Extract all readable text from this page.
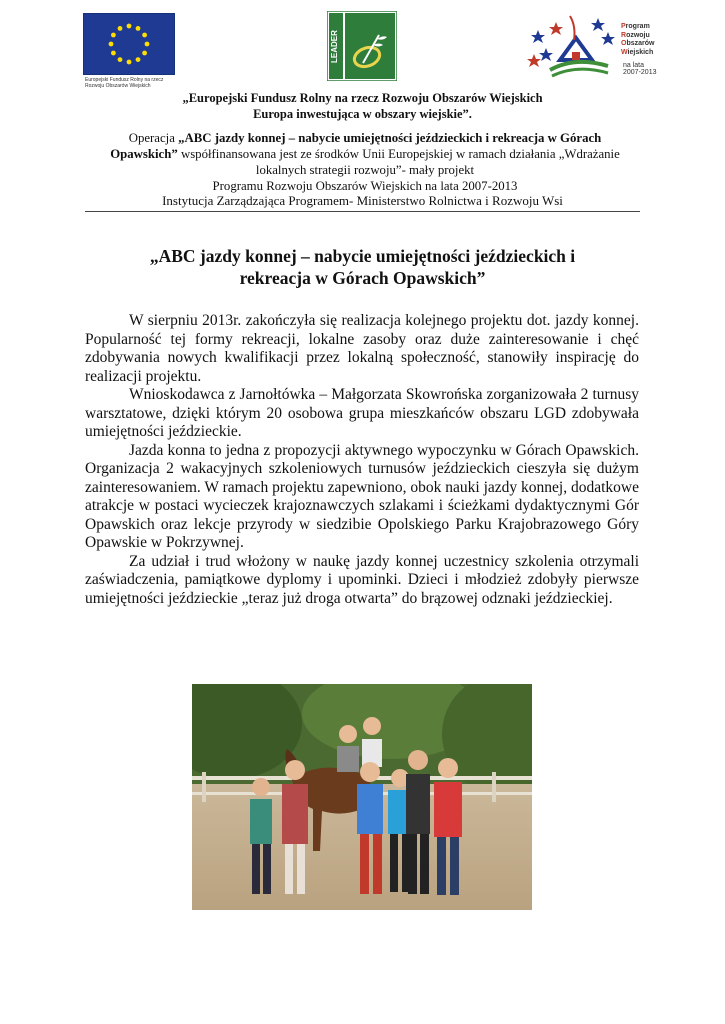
Europejski Fundusz Rolny na rzecz
Rozwoju Obszarów Wiejskich
LEADER
Program
Rozwoju
Obszarów
Wiejskich
na lata 2007-2013
„Europejski Fundusz Rolny na rzecz Rozwoju Obszarów Wiejskich
Europa inwestująca w obszary wiejskie”.
Operacja „ABC jazdy konnej – nabycie umiejętności jeździeckich i rekreacja w Górach Opawskich” współfinansowana jest ze środków Unii Europejskiej w ramach działania „Wdrażanie lokalnych strategii rozwoju”- mały projekt
Programu Rozwoju Obszarów Wiejskich na lata 2007-2013
Instytucja Zarządzająca Programem- Ministerstwo Rolnictwa i Rozwoju Wsi
„ABC jazdy konnej – nabycie umiejętności jeździeckich i
rekreacja w Górach Opawskich”

W sierpniu 2013r. zakończyła się realizacja kolejnego projektu dot. jazdy konnej. Popularność tej formy rekreacji, lokalne zasoby oraz duże zainteresowanie i chęć zdobywania nowych kwalifikacji przez lokalną społeczność, stanowiły inspirację do realizacji projektu.

Wnioskodawca z Jarnołtówka – Małgorzata Skowrońska zorganizowała 2 turnusy warsztatowe, dzięki którym 20 osobowa grupa mieszkańców obszaru LGD zdobywała umiejętności jeździeckie.

Jazda konna to jedna z propozycji aktywnego wypoczynku w Górach Opawskich. Organizacja 2 wakacyjnych szkoleniowych turnusów jeździeckich cieszyła się dużym zainteresowaniem. W ramach projektu zapewniono, obok nauki jazdy konnej, dodatkowe atrakcje w postaci wycieczek krajoznawczych szlakami i ścieżkami dydaktycznymi Gór Opawskich oraz lekcje przyrody w siedzibie Opolskiego Parku Krajobrazowego Góry Opawskie w Pokrzywnej.

Za udział i trud włożony w naukę jazdy konnej uczestnicy szkolenia otrzymali zaświadczenia, pamiątkowe dyplomy i upominki. Dzieci i młodzież zdobyły pierwsze umiejętności jeździeckie „teraz już droga otwarta” do brązowej odznaki jeździeckiej.
